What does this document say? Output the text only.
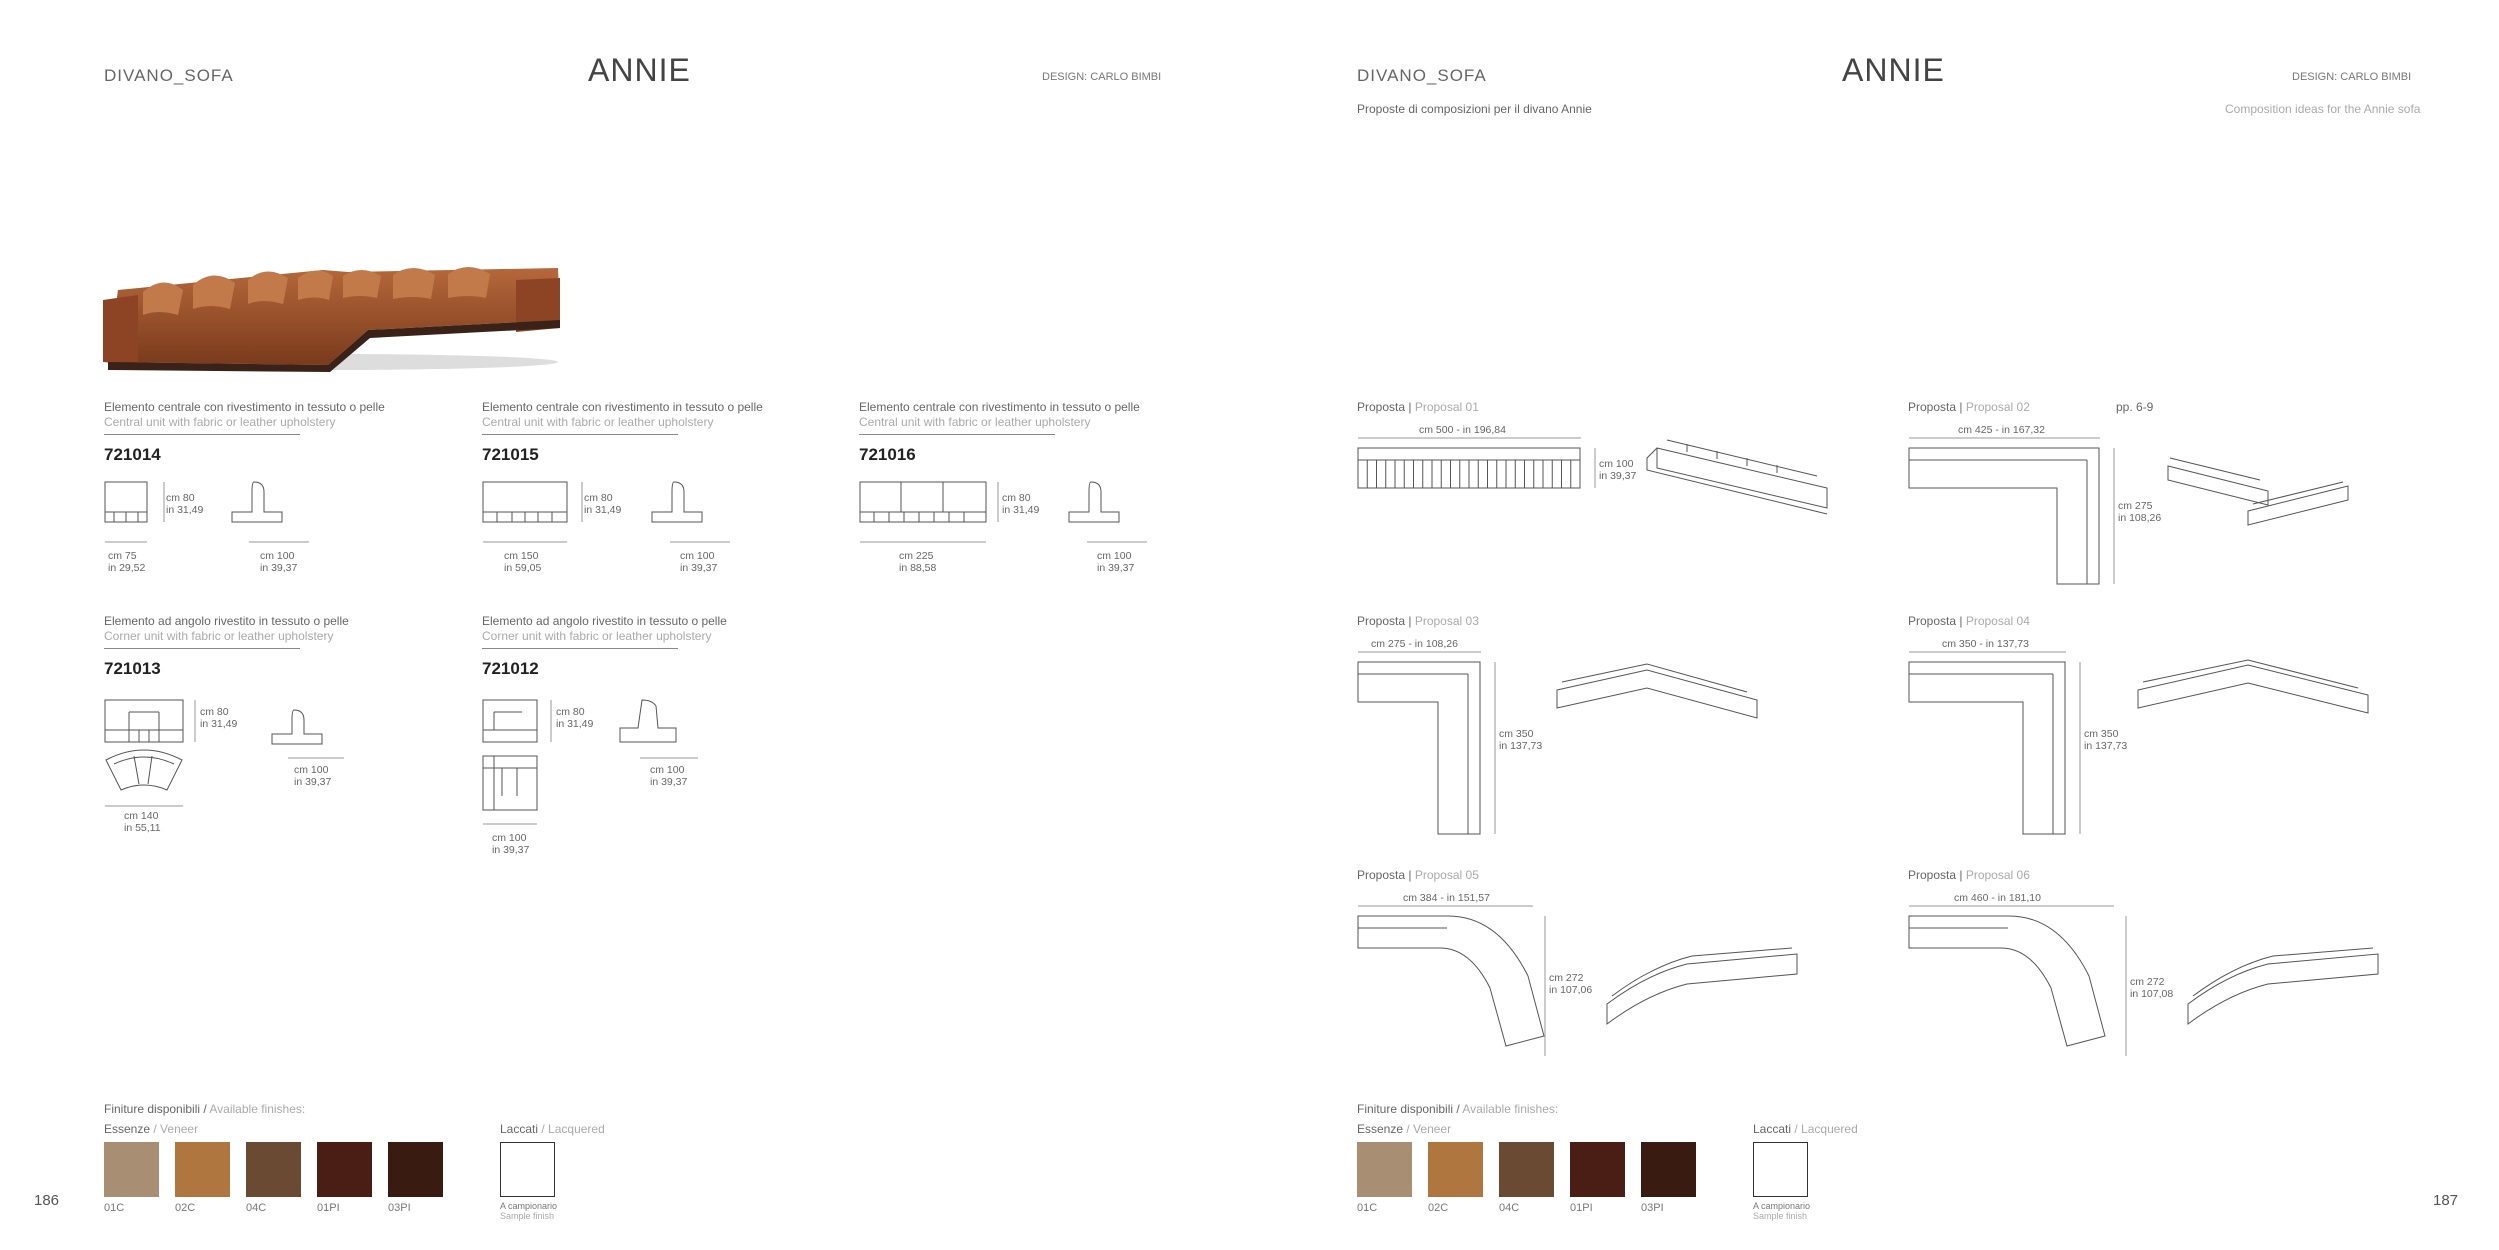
DIVANO_SOFA	ANNIE	DESIGN: CARLO BIMBI
Elemento centrale con rivestimento in tessuto o pelle
Central unit with fabric or leather upholstery
721014
cm 80
in 31,49
cm 75
in 29,52
cm 100
in 39,37
Elemento centrale con rivestimento in tessuto o pelle
Central unit with fabric or leather upholstery
721015
cm 80
in 31,49
cm 150
in 59,05
cm 100
in 39,37
Elemento centrale con rivestimento in tessuto o pelle
Central unit with fabric or leather upholstery
721016
cm 225
in 88,58
cm 80
in 31,49
cm 100
in 39,37
Elemento ad angolo rivestito in tessuto o pelle
Corner unit with fabric or leather upholstery
721013
cm 80
in 31,49
cm 100
in 39,37
cm 140
in 55,11
Elemento ad angolo rivestito in tessuto o pelle
Corner unit with fabric or leather upholstery
721012
cm 80
in 31,49
cm 100
in 39,37
cm 100
in 39,37
Finiture disponibili / Available finishes:
Essenze / Veneer	Laccati / Lacquered
01C	02C	04C	01PI	03PI	A campionario
Sample finish
186
DIVANO_SOFA	ANNIE	DESIGN: CARLO BIMBI
Proposte di composizioni per il divano Annie	Composition ideas for the Annie sofa
Proposta | Proposal 01
cm 500 - in 196,84
cm 100
in 39,37
Proposta | Proposal 02	pp. 6-9
cm 425 - in 167,32
cm 275
in 108,26
Proposta | Proposal 03
cm 275 - in 108,26
cm 350
in 137,73
Proposta | Proposal 04
cm 350 - in 137,73
cm 350
in 137,73
Proposta | Proposal 05
cm 384 - in 151,57
cm 272
in 107,06
Proposta | Proposal 06
cm 460 - in 181,10
cm 272
in 107,08
Finiture disponibili / Available finishes:
Essenze / Veneer	Laccati / Lacquered
01C	02C	04C	01PI	03PI	A campionario
Sample finish
187
